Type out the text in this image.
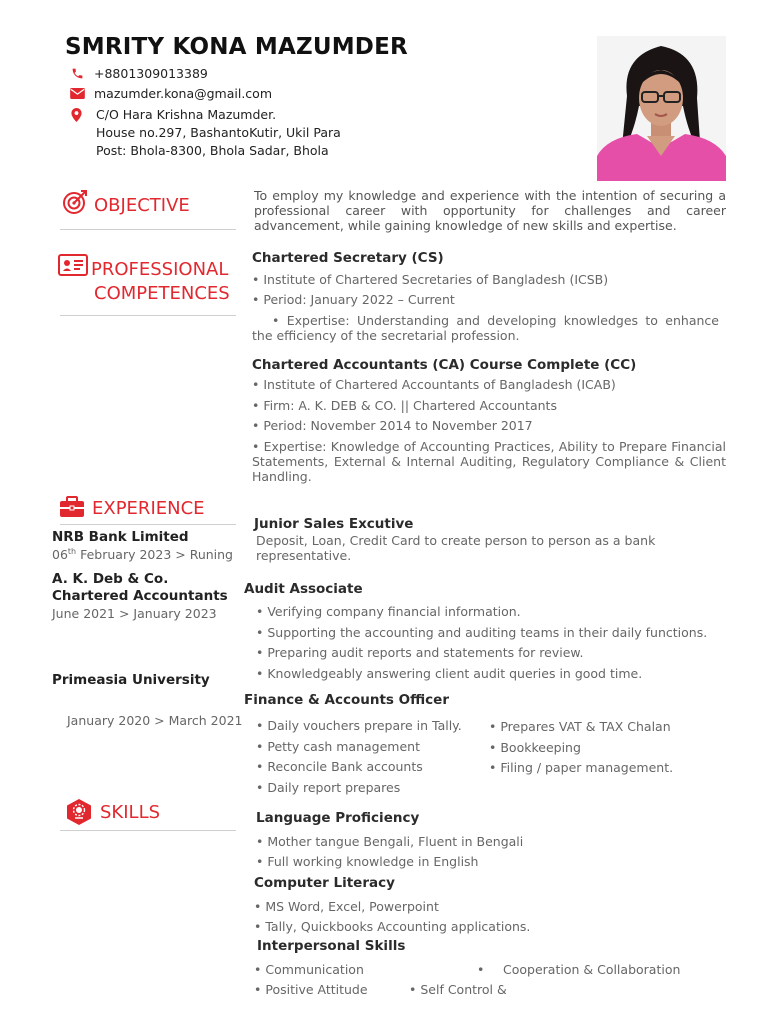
SMRITY KONA MAZUMDER
+8801309013389
mazumder.kona@gmail.com
C/O Hara Krishna Mazumder.
House no.297, BashantoKutir, Ukil Para
Post: Bhola-8300, Bhola Sadar, Bhola
OBJECTIVE	To employ my knowledge and experience with the intention of securing a professional career with opportunity for challenges and career advancement, while gaining knowledge of new skills and expertise.
PROFESSIONAL
COMPETENCES
Chartered Secretary (CS)
• Institute of Chartered Secretaries of Bangladesh (ICSB)
• Period: January 2022 – Current
• Expertise: Understanding and developing knowledges to enhance the efficiency of the secretarial profession.
Chartered Accountants (CA) Course Complete (CC)
• Institute of Chartered Accountants of Bangladesh (ICAB)
• Firm: A. K. DEB & CO. || Chartered Accountants
• Period: November 2014 to November 2017
• Expertise: Knowledge of Accounting Practices, Ability to Prepare Financial Statements, External & Internal Auditing, Regulatory Compliance & Client Handling.
EXPERIENCE
NRB Bank Limited
06th February 2023 > Runing
A. K. Deb & Co.
Chartered Accountants
June 2021 > January 2023
Primeasia University
January 2020 > March 2021
Junior Sales Excutive
Deposit, Loan, Credit Card to create person to person as a bank representative.
Audit Associate
• Verifying company financial information.
• Supporting the accounting and auditing teams in their daily functions.
• Preparing audit reports and statements for review.
• Knowledgeably answering client audit queries in good time.
Finance & Accounts Officer
• Daily vouchers prepare in Tally.
• Petty cash management
• Reconcile Bank accounts
• Daily report prepares
• Prepares VAT & TAX Chalan
• Bookkeeping
• Filing / paper management.
SKILLS	Language Proficiency
• Mother tangue Bengali, Fluent in Bengali
• Full working knowledge in English
Computer Literacy
• MS Word, Excel, Powerpoint
• Tally, Quickbooks Accounting applications.
Interpersonal Skills
• Communication
• Positive Attitude
• Cooperation & Collaboration
• Self Control &
